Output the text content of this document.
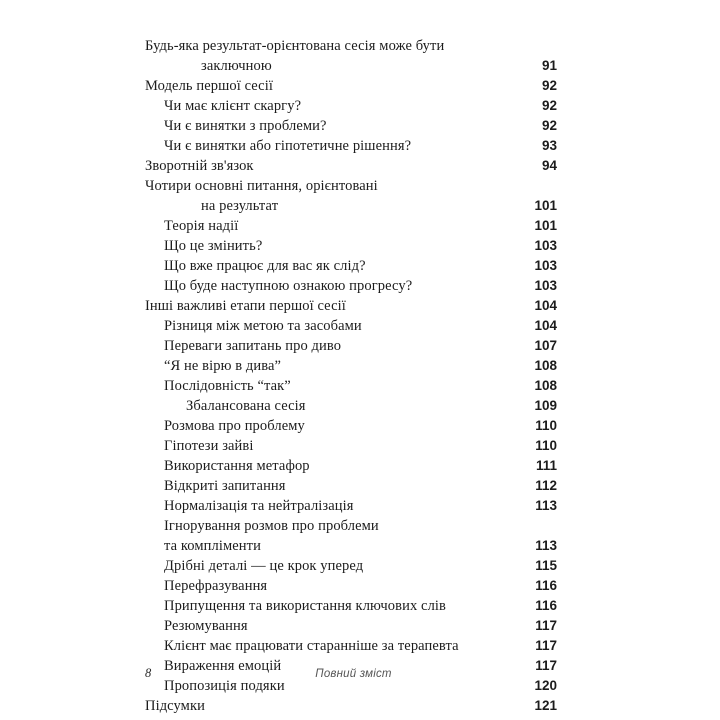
Будь-яка результат-орієнтована сесія може бути
заключною	91
Модель першої сесії	92
Чи має клієнт скаргу?	92
Чи є винятки з проблеми?	92
Чи є винятки або гіпотетичне рішення?	93
Зворотній зв'язок	94
Чотири основні питання, орієнтовані
на результат	101
Теорія надії	101
Що це змінить?	103
Що вже працює для вас як слід?	103
Що буде наступною ознакою прогресу?	103
Інші важливі етапи першої сесії	104
Різниця між метою та засобами	104
Переваги запитань про диво	107
“Я не вірю в дива”	108
Послідовність “так”	108
Збалансована сесія	109
Розмова про проблему	110
Гіпотези зайві	110
Використання метафор	111
Відкриті запитання	112
Нормалізація та нейтралізація	113
Ігнорування розмов про проблеми
та компліменти	113
Дрібні деталі — це крок уперед	115
Перефразування	116
Припущення та використання ключових слів	116
Резюмування	117
Клієнт має працювати старанніше за терапевта	117
Вираження емоцій	117
Пропозиція подяки	120
Підсумки	121
8	Повний зміст
